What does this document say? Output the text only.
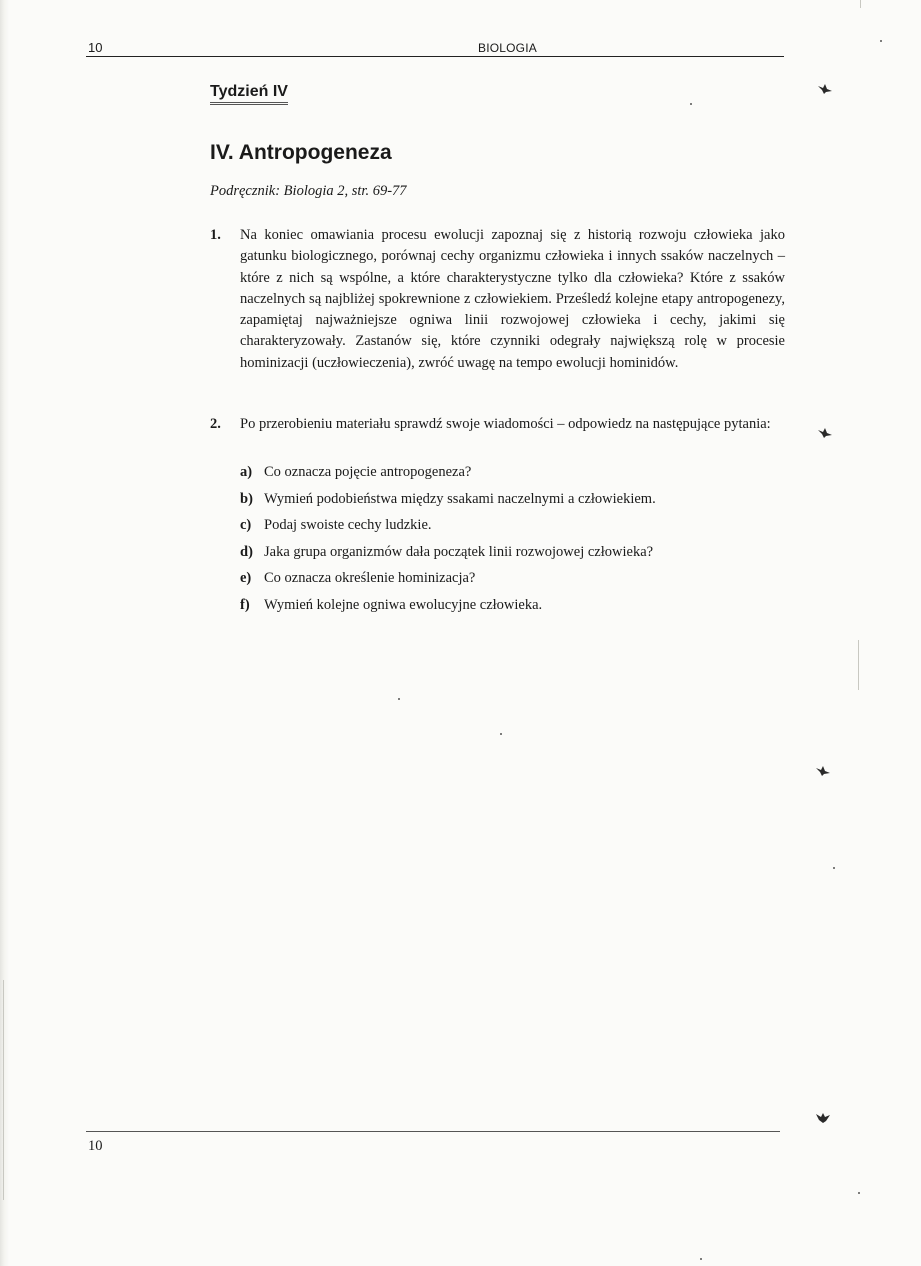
10	BIOLOGIA
Tydzień IV
IV. Antropogeneza
Podręcznik: Biologia 2, str. 69-77
1. Na koniec omawiania procesu ewolucji zapoznaj się z historią rozwoju człowieka jako gatunku biologicznego, porównaj cechy organizmu człowieka i innych ssaków naczelnych – które z nich są wspólne, a które charakterystyczne tylko dla człowieka? Które z ssaków naczelnych są najbliżej spokrewnione z człowiekiem. Prześledź kolejne etapy antropogenezy, zapamiętaj najważniejsze ogniwa linii rozwojowej człowieka i cechy, jakimi się charakteryzowały. Zastanów się, które czynniki odegrały największą rolę w procesie hominizacji (uczłowieczenia), zwróć uwagę na tempo ewolucji hominidów.
2. Po przerobieniu materiału sprawdź swoje wiadomości – odpowiedz na następujące pytania:
a) Co oznacza pojęcie antropogeneza?
b) Wymień podobieństwa między ssakami naczelnymi a człowiekiem.
c) Podaj swoiste cechy ludzkie.
d) Jaka grupa organizmów dała początek linii rozwojowej człowieka?
e) Co oznacza określenie hominizacja?
f) Wymień kolejne ogniwa ewolucyjne człowieka.
10
